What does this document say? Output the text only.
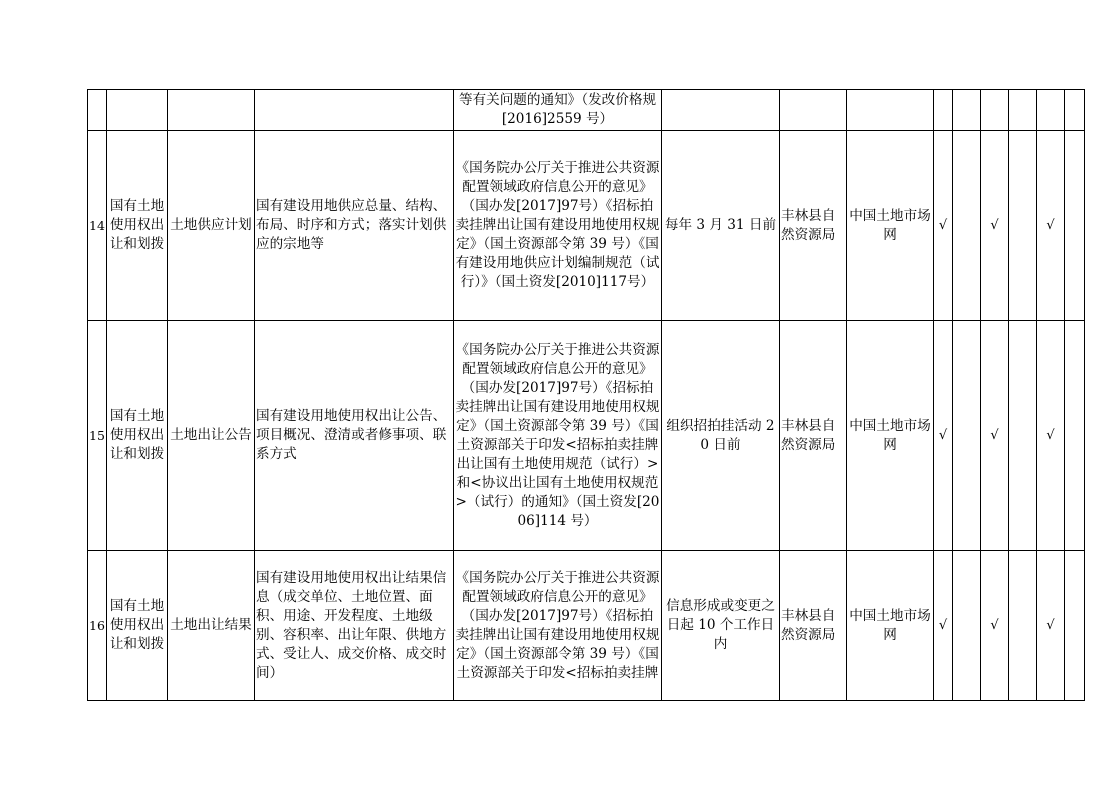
				等有关问题的通知》（发改价格规[2016]2559 号）									
14	国有土地使用权出让和划拨	土地供应计划	国有建设用地供应总量、结构、布局、时序和方式；落实计划供应的宗地等	《国务院办公厅关于推进公共资源配置领域政府信息公开的意见》（国办发[2017]97号）《招标拍卖挂牌出让国有建设用地使用权规定》（国土资源部令第 39 号）《国有建设用地供应计划编制规范（试行）》（国土资发[2010]117号）	每年 3 月 31 日前	丰林县自然资源局	中国土地市场网	√		√		√	
15	国有土地使用权出让和划拨	土地出让公告	国有建设用地使用权出让公告、项目概况、澄清或者修事项、联系方式	《国务院办公厅关于推进公共资源配置领域政府信息公开的意见》（国办发[2017]97号）《招标拍卖挂牌出让国有建设用地使用权规定》（国土资源部令第 39 号）《国土资源部关于印发<招标拍卖挂牌出让国有土地使用规范（试行）>和<协议出让国有土地使用权规范>（试行）的通知》（国土资发[2006]114 号）	组织招拍挂活动 20 日前	丰林县自然资源局	中国土地市场网	√		√		√	
16	国有土地使用权出让和划拨	土地出让结果	国有建设用地使用权出让结果信息（成交单位、土地位置、面积、用途、开发程度、土地级别、容积率、出让年限、供地方式、受让人、成交价格、成交时间）	《国务院办公厅关于推进公共资源配置领域政府信息公开的意见》（国办发[2017]97号）《招标拍卖挂牌出让国有建设用地使用权规定》（国土资源部令第 39 号）《国土资源部关于印发<招标拍卖挂牌	信息形成或变更之日起 10 个工作日内	丰林县自然资源局	中国土地市场网	√		√		√	
